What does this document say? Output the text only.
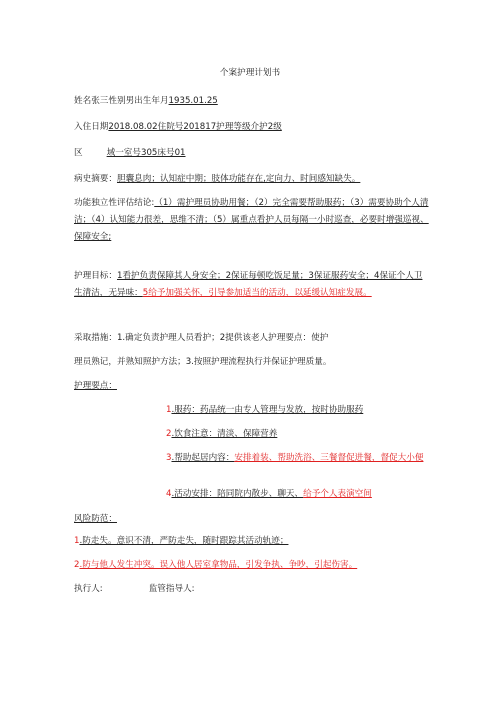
个案护理计划书
姓名张三性别男出生年月1935.01.25
入住日期2018.08.02住院号201817护理等级介护2级
区	域一室号305床号01
病史摘要：胆囊息肉；认知症中期；肢体功能存在,定向力、时间感知缺失。
功能独立性评估结论:（1）需护理员协助用餐；（2）完全需要帮助服药；（3）需要协助个人清洁；（4）认知能力很差，思维不清；（5）属重点看护人员每隔一小时巡查，必要时增强巡视、保障安全;
护理目标：1看护负责保障其人身安全；2保证每顿吃饭足量；3保证服药安全；4保证个人卫生清洁，无异味：5给予加强关怀，引导参加适当的活动，以延缓认知症发展。
采取措施：1.确定负责护理人员看护；2提供该老人护理要点：使护
理员熟记，并熟知照护方法；3.按照护理流程执行并保证护理质量。
护理要点：
1.服药：药品统一由专人管理与发放，按时协助服药
2.饮食注意：清淡、保障营养
3.帮助起居内容：安排着装、帮助洗浴、三餐督促进餐，督促大小便
4.活动安排：陪同院内散步、聊天、给予个人表演空间
风险防范：
1.防走失。意识不清，严防走失，随时跟踪其活动轨迹；
2.防与他人发生冲突。误入他人居室拿物品，引发争执、争吵，引起伤害。
执行人:	监管指导人:
